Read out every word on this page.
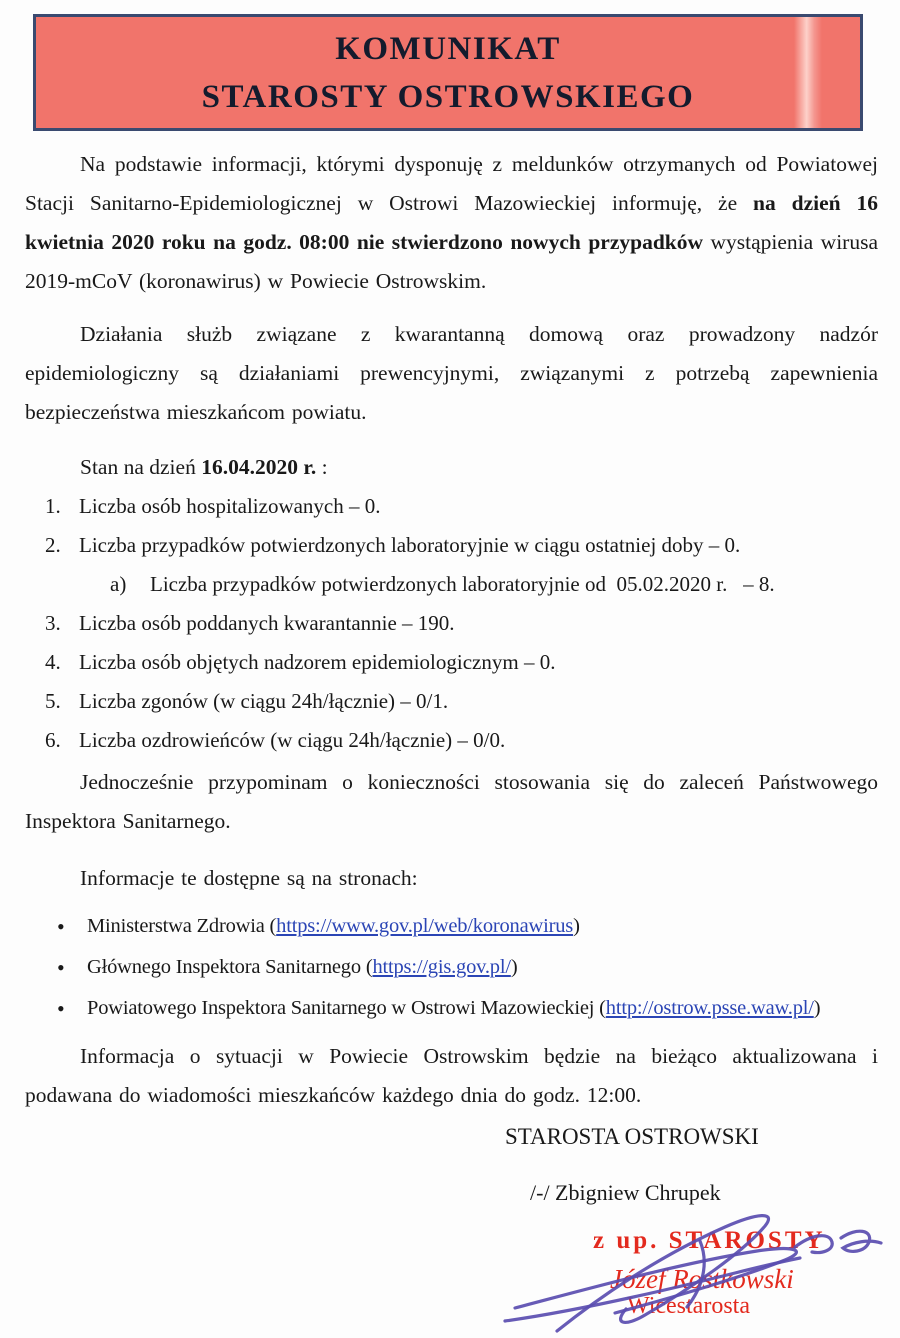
KOMUNIKAT
STAROSTY OSTROWSKIEGO

Na podstawie informacji, którymi dysponuję z meldunków otrzymanych od Powiatowej Stacji Sanitarno-Epidemiologicznej w Ostrowi Mazowieckiej informuję, że na dzień 16 kwietnia 2020 roku na godz. 08:00 nie stwierdzono nowych przypadków wystąpienia wirusa 2019-mCoV (koronawirus) w Powiecie Ostrowskim.

Działania służb związane z kwarantanną domową oraz prowadzony nadzór epidemiologiczny są działaniami prewencyjnymi, związanymi z potrzebą zapewnienia bezpieczeństwa mieszkańcom powiatu.

Stan na dzień 16.04.2020 r. :

1. Liczba osób hospitalizowanych – 0.
2. Liczba przypadków potwierdzonych laboratoryjnie w ciągu ostatniej doby – 0.
a)	Liczba przypadków potwierdzonych laboratoryjnie od  05.02.2020 r.   – 8.
3. Liczba osób poddanych kwarantannie – 190.
4. Liczba osób objętych nadzorem epidemiologicznym – 0.
5. Liczba zgonów (w ciągu 24h/łącznie) – 0/1.
6. Liczba ozdrowieńców (w ciągu 24h/łącznie) – 0/0.

Jednocześnie przypominam o konieczności stosowania się do zaleceń Państwowego Inspektora Sanitarnego.

Informacje te dostępne są na stronach:

•	Ministerstwa Zdrowia (https://www.gov.pl/web/koronawirus)
•	Głównego Inspektora Sanitarnego (https://gis.gov.pl/)
•	Powiatowego Inspektora Sanitarnego w Ostrowi Mazowieckiej (http://ostrow.psse.waw.pl/)

Informacja o sytuacji w Powiecie Ostrowskim będzie na bieżąco aktualizowana i podawana do wiadomości mieszkańców każdego dnia do godz. 12:00.

STAROSTA OSTROWSKI
/-/ Zbigniew Chrupek
z up. STAROSTY
Józef Rostkowski
Wicestarosta
